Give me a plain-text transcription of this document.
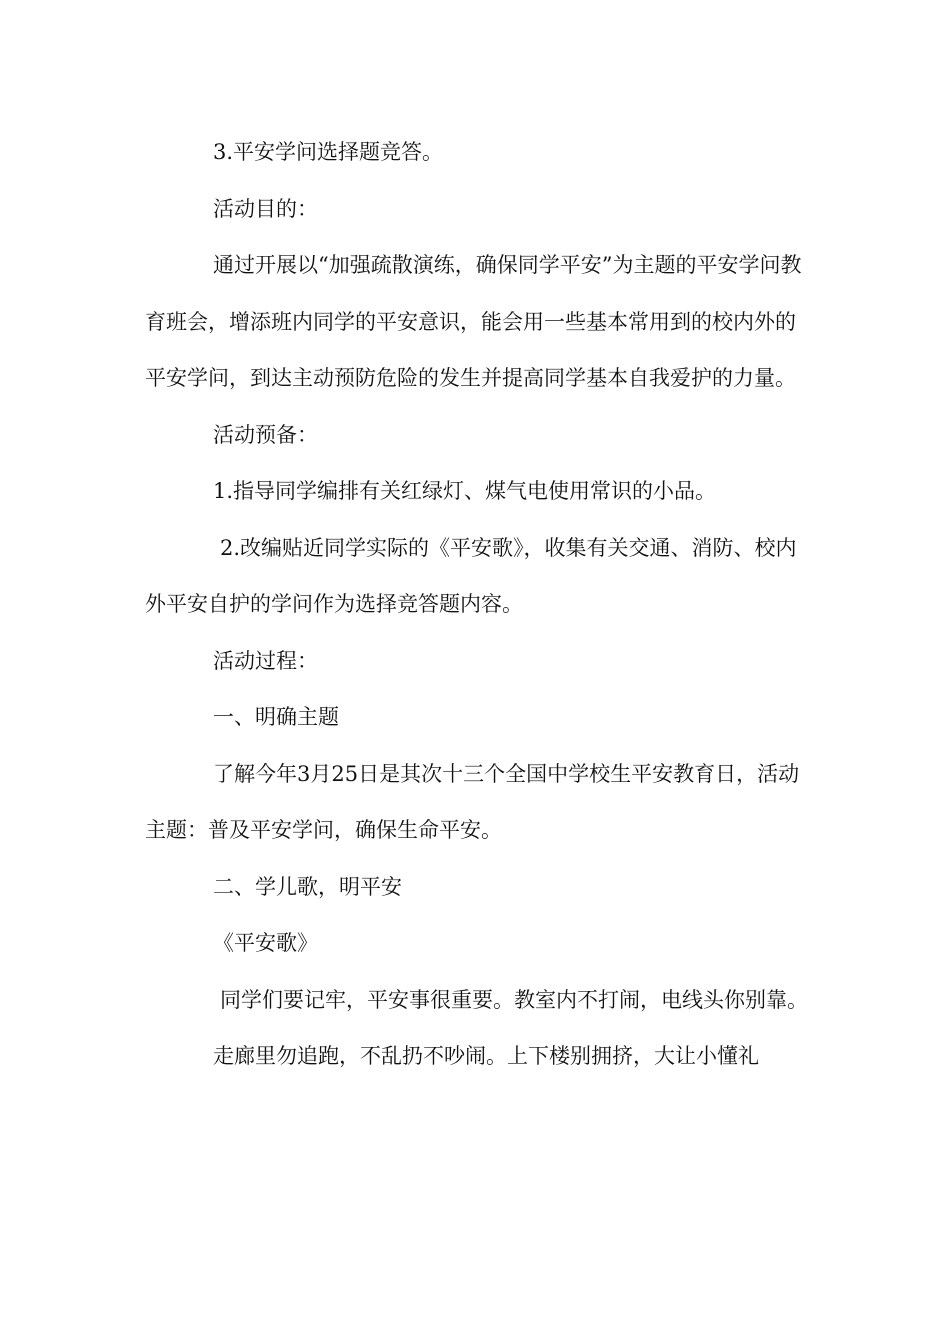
3.平安学问选择题竞答。

活动目的：

通过开展以“加强疏散演练，确保同学平安”为主题的平安学问教育班会，增添班内同学的平安意识，能会用一些基本常用到的校内外的平安学问，到达主动预防危险的发生并提高同学基本自我爱护的力量。

活动预备：

1.指导同学编排有关红绿灯、煤气电使用常识的小品。

2.改编贴近同学实际的《平安歌》，收集有关交通、消防、校内外平安自护的学问作为选择竞答题内容。

活动过程：

一、明确主题

了解今年3月25日是其次十三个全国中学校生平安教育日，活动主题：普及平安学问，确保生命平安。

二、学儿歌，明平安

《平安歌》

同学们要记牢，平安事很重要。教室内不打闹，电线头你别靠。

走廊里勿追跑，不乱扔不吵闹。上下楼别拥挤，大让小懂礼
